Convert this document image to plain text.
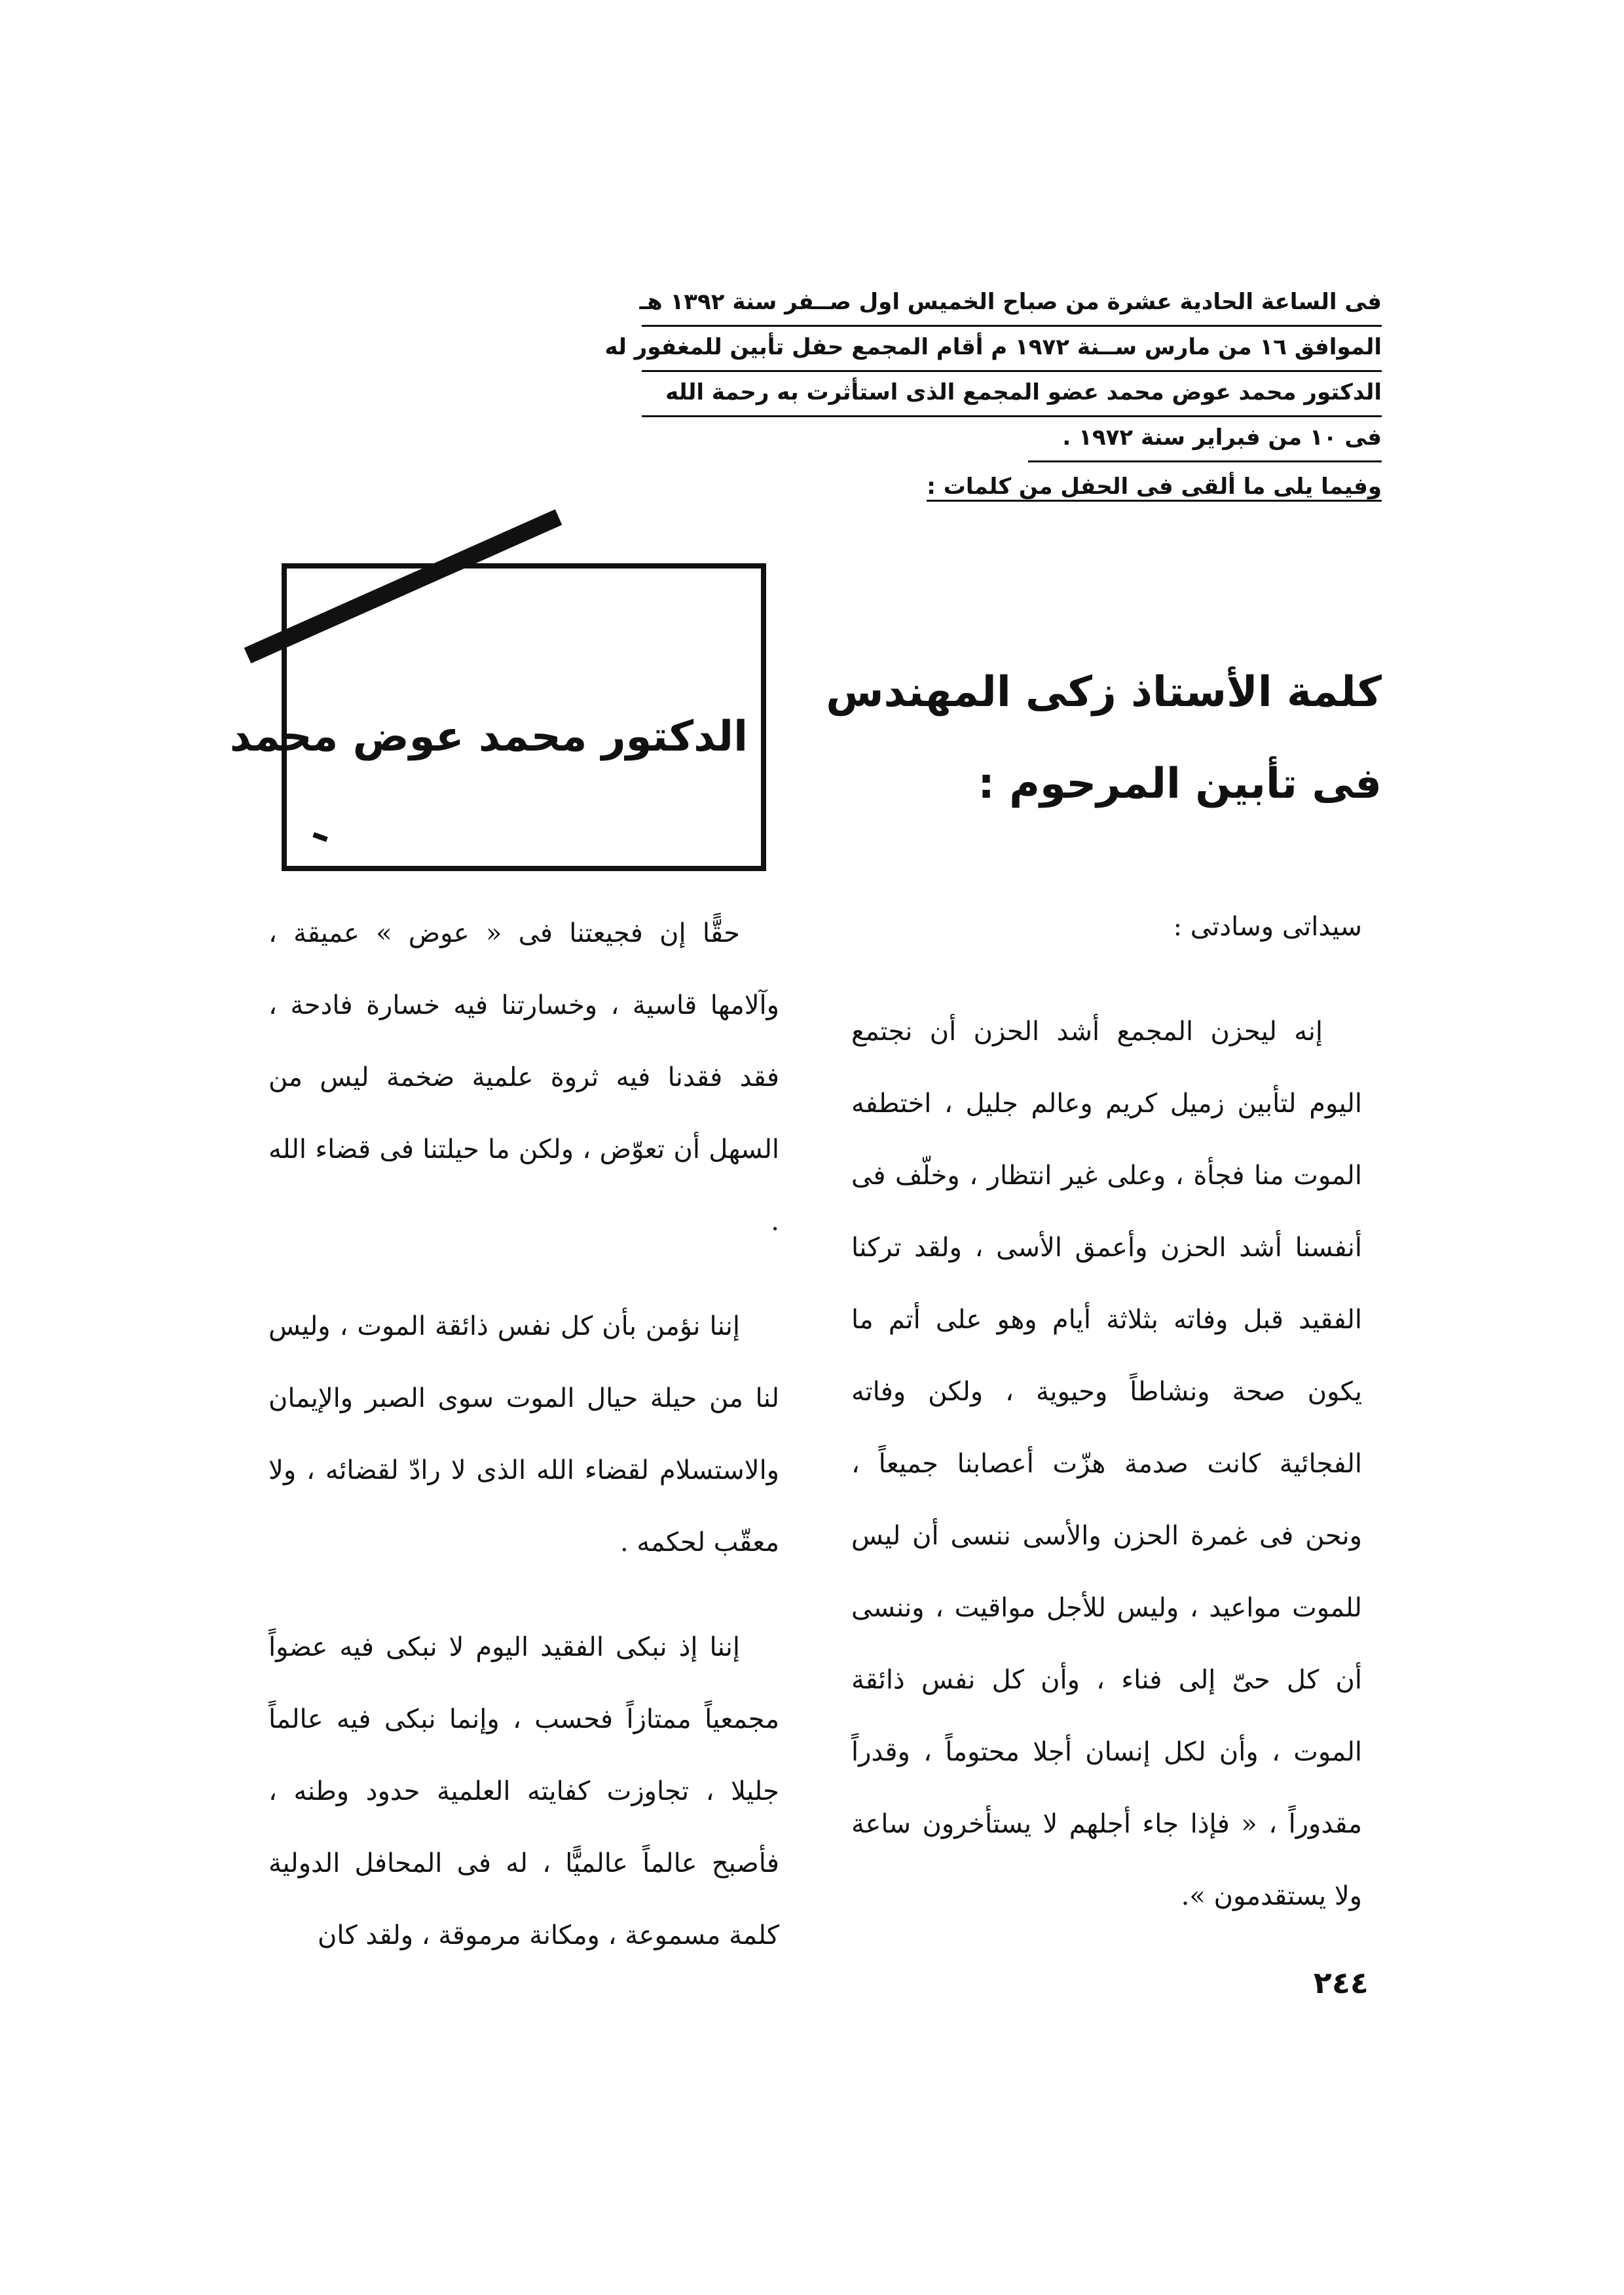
فى الساعة الحادية عشرة من صباح الخميس اول صــفر سنة ١٣٩٢ هـ
الموافق ١٦ من مارس ســنة ١٩٧٢ م أقام المجمع حفل تأبين للمغفور له
الدكتور محمد عوض محمد عضو المجمع الذى استأثرت به رحمة الله
فى ١٠ من فبراير سنة ١٩٧٢ .
وفيما يلى ما ألقى فى الحفل من كلمات :
كلمة الأستاذ زكى المهندس
فى تأبين المرحوم :
الدكتور محمد عوض محمد

سيداتى وسادتى :

إنه ليحزن المجمع أشد الحزن أن نجتمع اليوم لتأبين زميل كريم وعالم جليل ، اختطفه الموت منا فجأة ، وعلى غير انتظار ، وخلّف فى أنفسنا أشد الحزن وأعمق الأسى ، ولقد تركنا الفقيد قبل وفاته بثلاثة أيام وهو على أتم ما يكون صحة ونشاطاً وحيوية ، ولكن وفاته الفجائية كانت صدمة هزّت أعصابنا جميعاً ، ونحن فى غمرة الحزن والأسى ننسى أن ليس للموت مواعيد ، وليس للأجل مواقيت ، وننسى أن كل حىّ إلى فناء ، وأن كل نفس ذائقة الموت ، وأن لكل إنسان أجلا محتوماً ، وقدراً مقدوراً ، « فإذا جاء أجلهم لا يستأخرون ساعة ولا يستقدمون ».

حقًّا إن فجيعتنا فى « عوض » عميقة ، وآلامها قاسية ، وخسارتنا فيه خسارة فادحة ، فقد فقدنا فيه ثروة علمية ضخمة ليس من السهل أن تعوّض ، ولكن ما حيلتنا فى قضاء الله .

إننا نؤمن بأن كل نفس ذائقة الموت ، وليس لنا من حيلة حيال الموت سوى الصبر والإيمان والاستسلام لقضاء الله الذى لا رادّ لقضائه ، ولا معقّب لحكمه .

إننا إذ نبكى الفقيد اليوم لا نبكى فيه عضواً مجمعياً ممتازاً فحسب ، وإنما نبكى فيه عالماً جليلا ، تجاوزت كفايته العلمية حدود وطنه ، فأصبح عالماً عالميًّا ، له فى المحافل الدولية كلمة مسموعة ، ومكانة مرموقة ، ولقد كان

٢٤٤
